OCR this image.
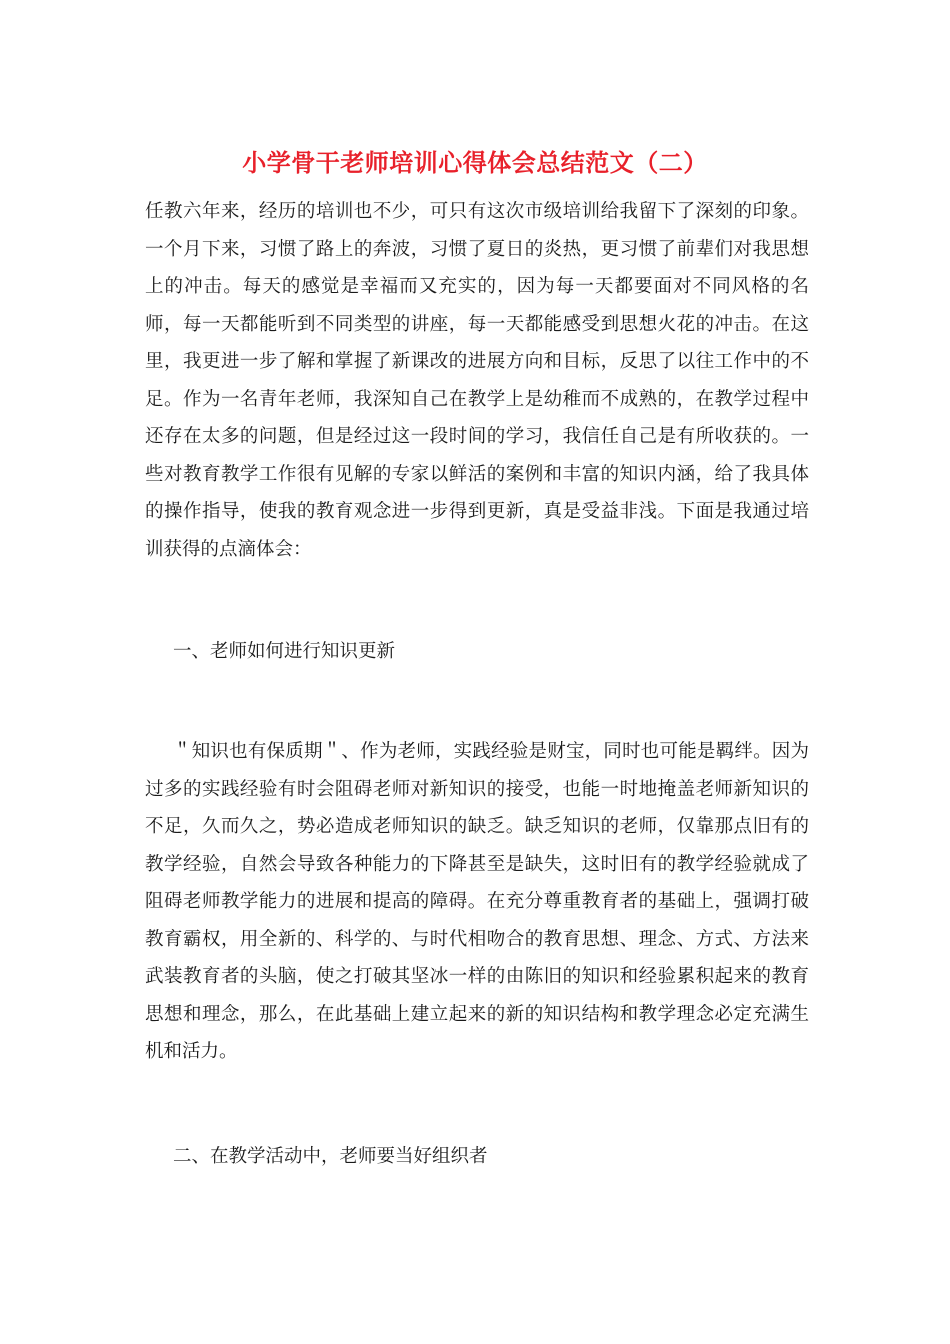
小学骨干老师培训心得体会总结范文（二）

任教六年来，经历的培训也不少，可只有这次市级培训给我留下了深刻的印象。一个月下来，习惯了路上的奔波，习惯了夏日的炎热，更习惯了前辈们对我思想上的冲击。每天的感觉是幸福而又充实的，因为每一天都要面对不同风格的名师，每一天都能听到不同类型的讲座，每一天都能感受到思想火花的冲击。在这里，我更进一步了解和掌握了新课改的进展方向和目标，反思了以往工作中的不足。作为一名青年老师，我深知自己在教学上是幼稚而不成熟的，在教学过程中还存在太多的问题，但是经过这一段时间的学习，我信任自己是有所收获的。一些对教育教学工作很有见解的专家以鲜活的案例和丰富的知识内涵，给了我具体的操作指导，使我的教育观念进一步得到更新，真是受益非浅。下面是我通过培训获得的点滴体会：

一、老师如何进行知识更新

＂知识也有保质期＂、作为老师，实践经验是财宝，同时也可能是羁绊。因为过多的实践经验有时会阻碍老师对新知识的接受，也能一时地掩盖老师新知识的不足，久而久之，势必造成老师知识的缺乏。缺乏知识的老师，仅靠那点旧有的教学经验，自然会导致各种能力的下降甚至是缺失，这时旧有的教学经验就成了阻碍老师教学能力的进展和提高的障碍。在充分尊重教育者的基础上，强调打破教育霸权，用全新的、科学的、与时代相吻合的教育思想、理念、方式、方法来武装教育者的头脑，使之打破其坚冰一样的由陈旧的知识和经验累积起来的教育思想和理念，那么，在此基础上建立起来的新的知识结构和教学理念必定充满生机和活力。

二、在教学活动中，老师要当好组织者
